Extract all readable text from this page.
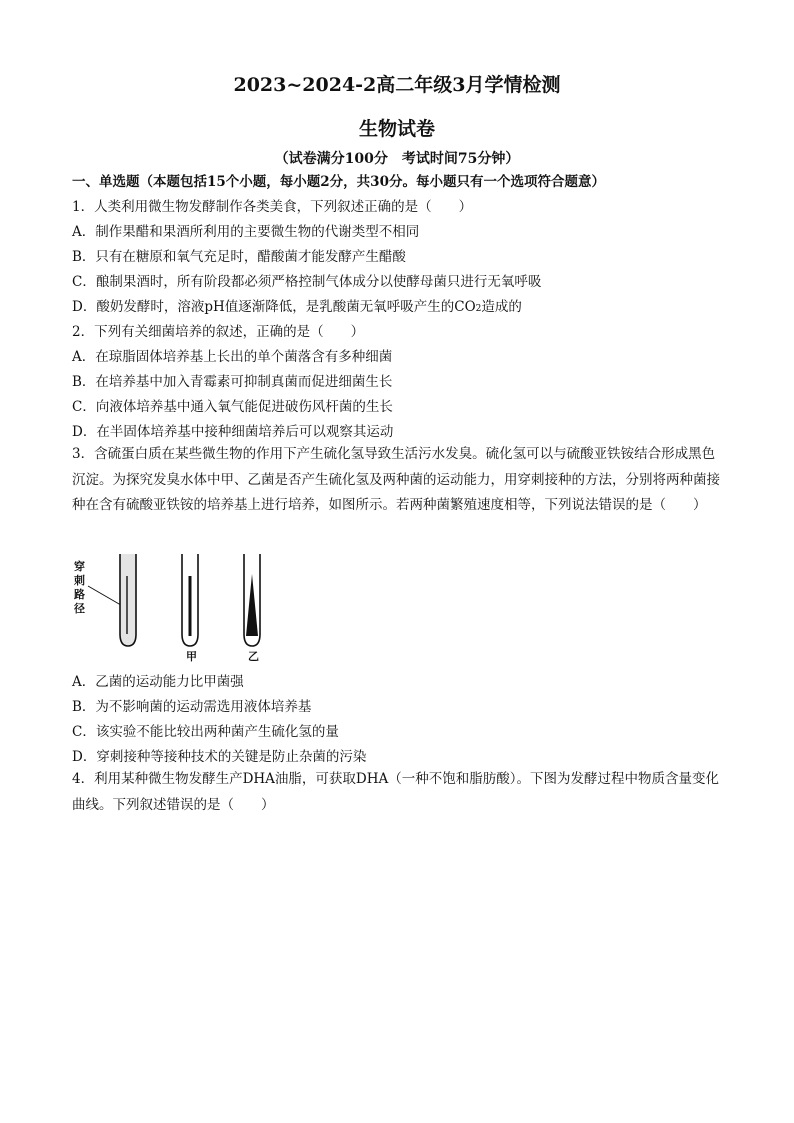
2023~2024-2高二年级3月学情检测
生物试卷
（试卷满分100分　考试时间75分钟）
一、单选题（本题包括15个小题，每小题2分，共30分。每小题只有一个选项符合题意）
1．人类利用微生物发酵制作各类美食，下列叙述正确的是（　　）
A．制作果醋和果酒所利用的主要微生物的代谢类型不相同
B．只有在糖原和氧气充足时，醋酸菌才能发酵产生醋酸
C．酿制果酒时，所有阶段都必须严格控制气体成分以使酵母菌只进行无氧呼吸
D．酸奶发酵时，溶液pH值逐渐降低，是乳酸菌无氧呼吸产生的CO2造成的
2．下列有关细菌培养的叙述，正确的是（　　）
A．在琼脂固体培养基上长出的单个菌落含有多种细菌
B．在培养基中加入青霉素可抑制真菌而促进细菌生长
C．向液体培养基中通入氧气能促进破伤风杆菌的生长
D．在半固体培养基中接种细菌培养后可以观察其运动
3．含硫蛋白质在某些微生物的作用下产生硫化氢导致生活污水发臭。硫化氢可以与硫酸亚铁铵结合形成黑色沉淀。为探究发臭水体中甲、乙菌是否产生硫化氢及两种菌的运动能力，用穿刺接种的方法，分别将两种菌接种在含有硫酸亚铁铵的培养基上进行培养，如图所示。若两种菌繁殖速度相等，下列说法错误的是（　　）
穿
刺
路
径
甲	乙
A．乙菌的运动能力比甲菌强
B．为不影响菌的运动需选用液体培养基
C．该实验不能比较出两种菌产生硫化氢的量
D．穿刺接种等接种技术的关键是防止杂菌的污染
4．利用某种微生物发酵生产DHA油脂，可获取DHA（一种不饱和脂肪酸）。下图为发酵过程中物质含量变化曲线。下列叙述错误的是（　　）
